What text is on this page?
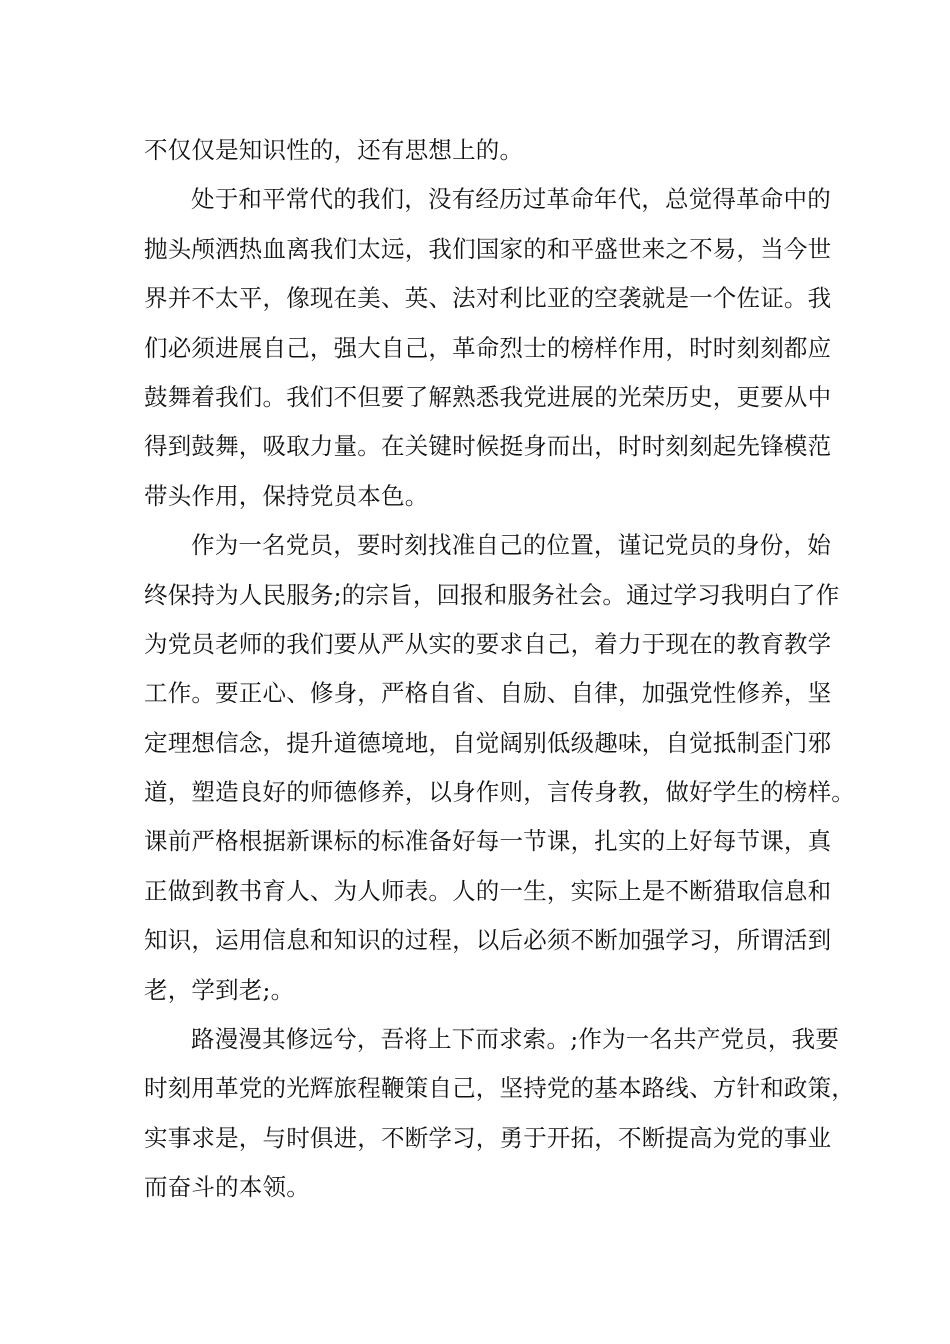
不仅仅是知识性的，还有思想上的。
处于和平常代的我们，没有经历过革命年代，总觉得革命中的
抛头颅洒热血离我们太远，我们国家的和平盛世来之不易，当今世
界并不太平，像现在美、英、法对利比亚的空袭就是一个佐证。我
们必须进展自己，强大自己，革命烈士的榜样作用，时时刻刻都应
鼓舞着我们。我们不但要了解熟悉我党进展的光荣历史，更要从中
得到鼓舞，吸取力量。在关键时候挺身而出，时时刻刻起先锋模范
带头作用，保持党员本色。
作为一名党员，要时刻找准自己的位置，谨记党员的身份，始
终保持为人民服务;的宗旨，回报和服务社会。通过学习我明白了作
为党员老师的我们要从严从实的要求自己，着力于现在的教育教学
工作。要正心、修身，严格自省、自励、自律，加强党性修养，坚
定理想信念，提升道德境地，自觉阔别低级趣味，自觉抵制歪门邪
道，塑造良好的师德修养，以身作则，言传身教，做好学生的榜样。
课前严格根据新课标的标准备好每一节课，扎实的上好每节课，真
正做到教书育人、为人师表。人的一生，实际上是不断猎取信息和
知识，运用信息和知识的过程，以后必须不断加强学习，所谓活到
老，学到老;。
路漫漫其修远兮，吾将上下而求索。;作为一名共产党员，我要
时刻用革党的光辉旅程鞭策自己，坚持党的基本路线、方针和政策，
实事求是，与时俱进，不断学习，勇于开拓，不断提高为党的事业
而奋斗的本领。
